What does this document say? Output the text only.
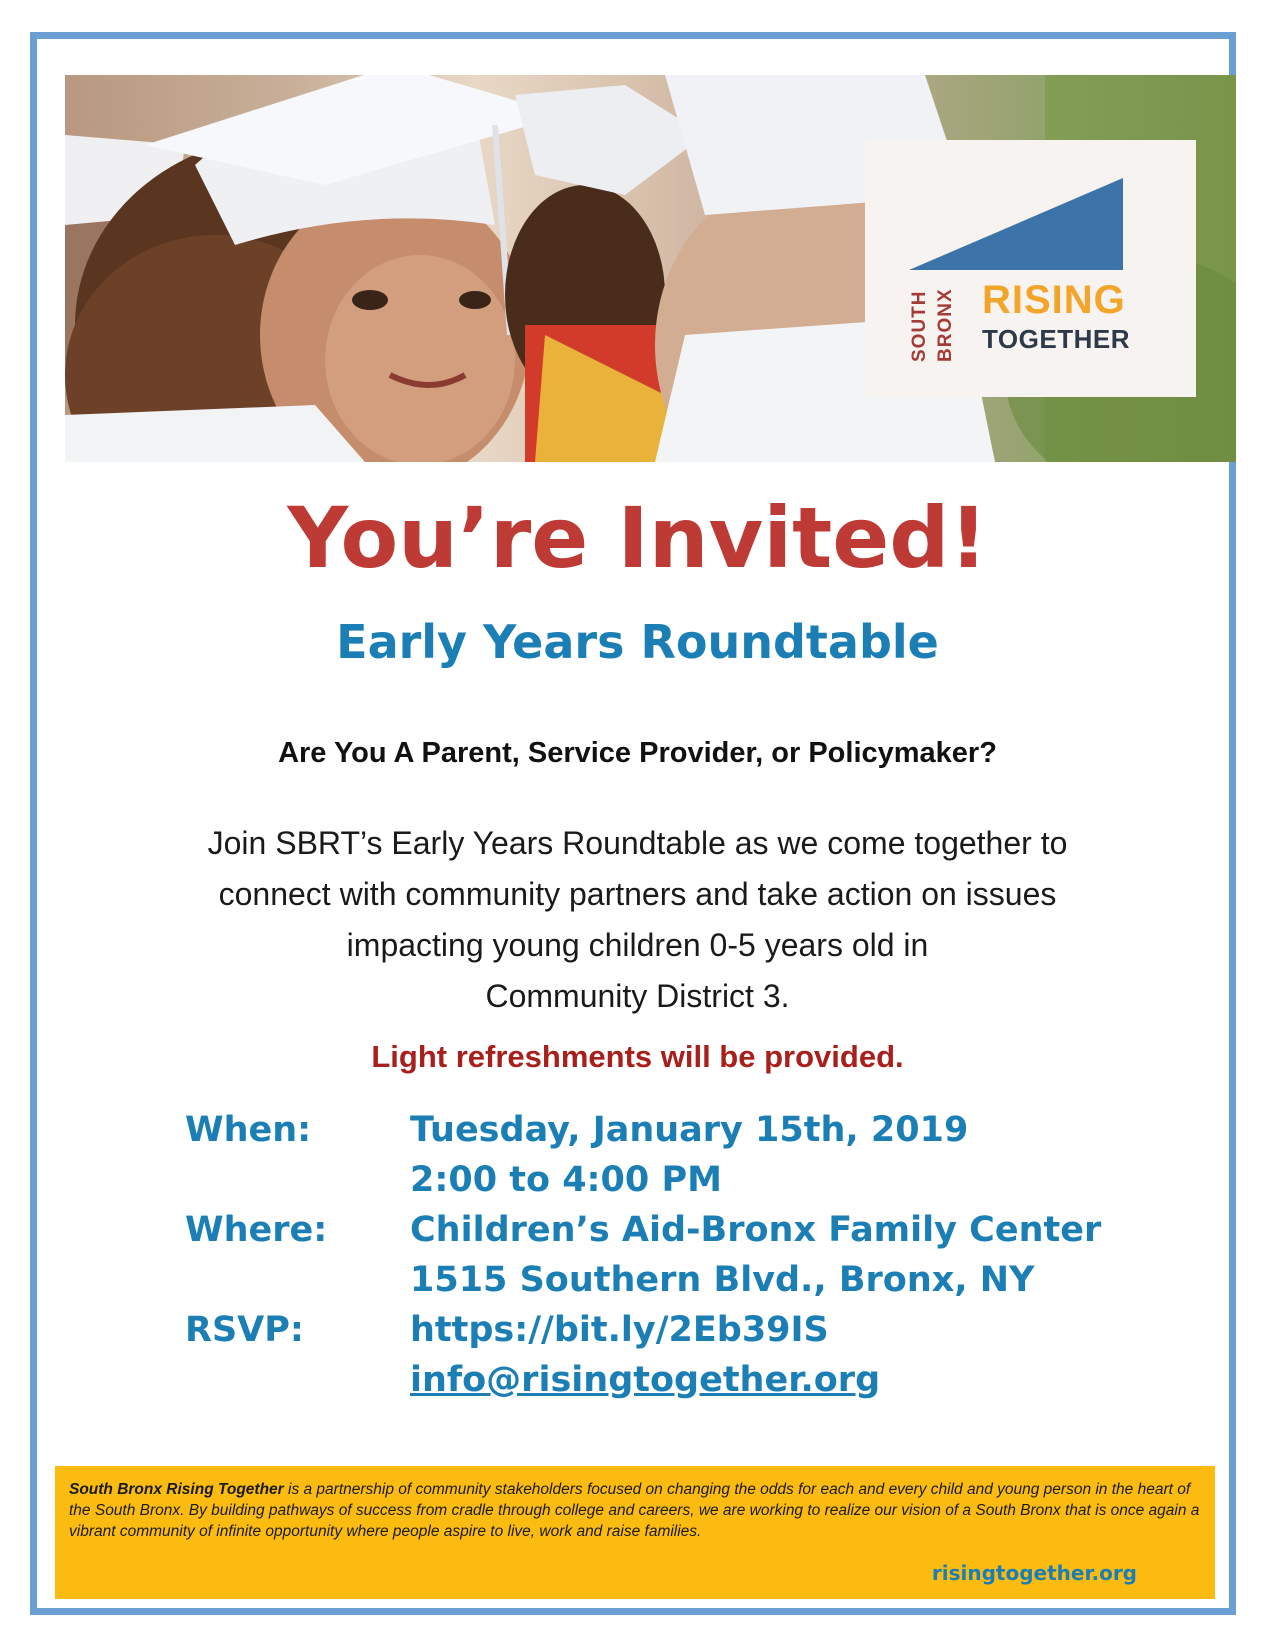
SOUTH BRONX RISING
TOGETHER
You’re Invited!
Early Years Roundtable
Are You A Parent, Service Provider, or Policymaker?
Join SBRT’s Early Years Roundtable as we come together to
connect with community partners and take action on issues
impacting young children 0-5 years old in
Community District 3.
Light refreshments will be provided.
When:	Tuesday, January 15th, 2019
2:00 to 4:00 PM
Where: Children’s Aid-Bronx Family Center
1515 Southern Blvd., Bronx, NY
RSVP:	https://bit.ly/2Eb39IS
info@risingtogether.org
South Bronx Rising Together is a partnership of community stakeholders focused on changing the odds for each and every child and young person in the heart of the South Bronx. By building pathways of success from cradle through college and careers, we are working to realize our vision of a South Bronx that is once again a vibrant community of infinite opportunity where people aspire to live, work and raise families.
risingtogether.org
